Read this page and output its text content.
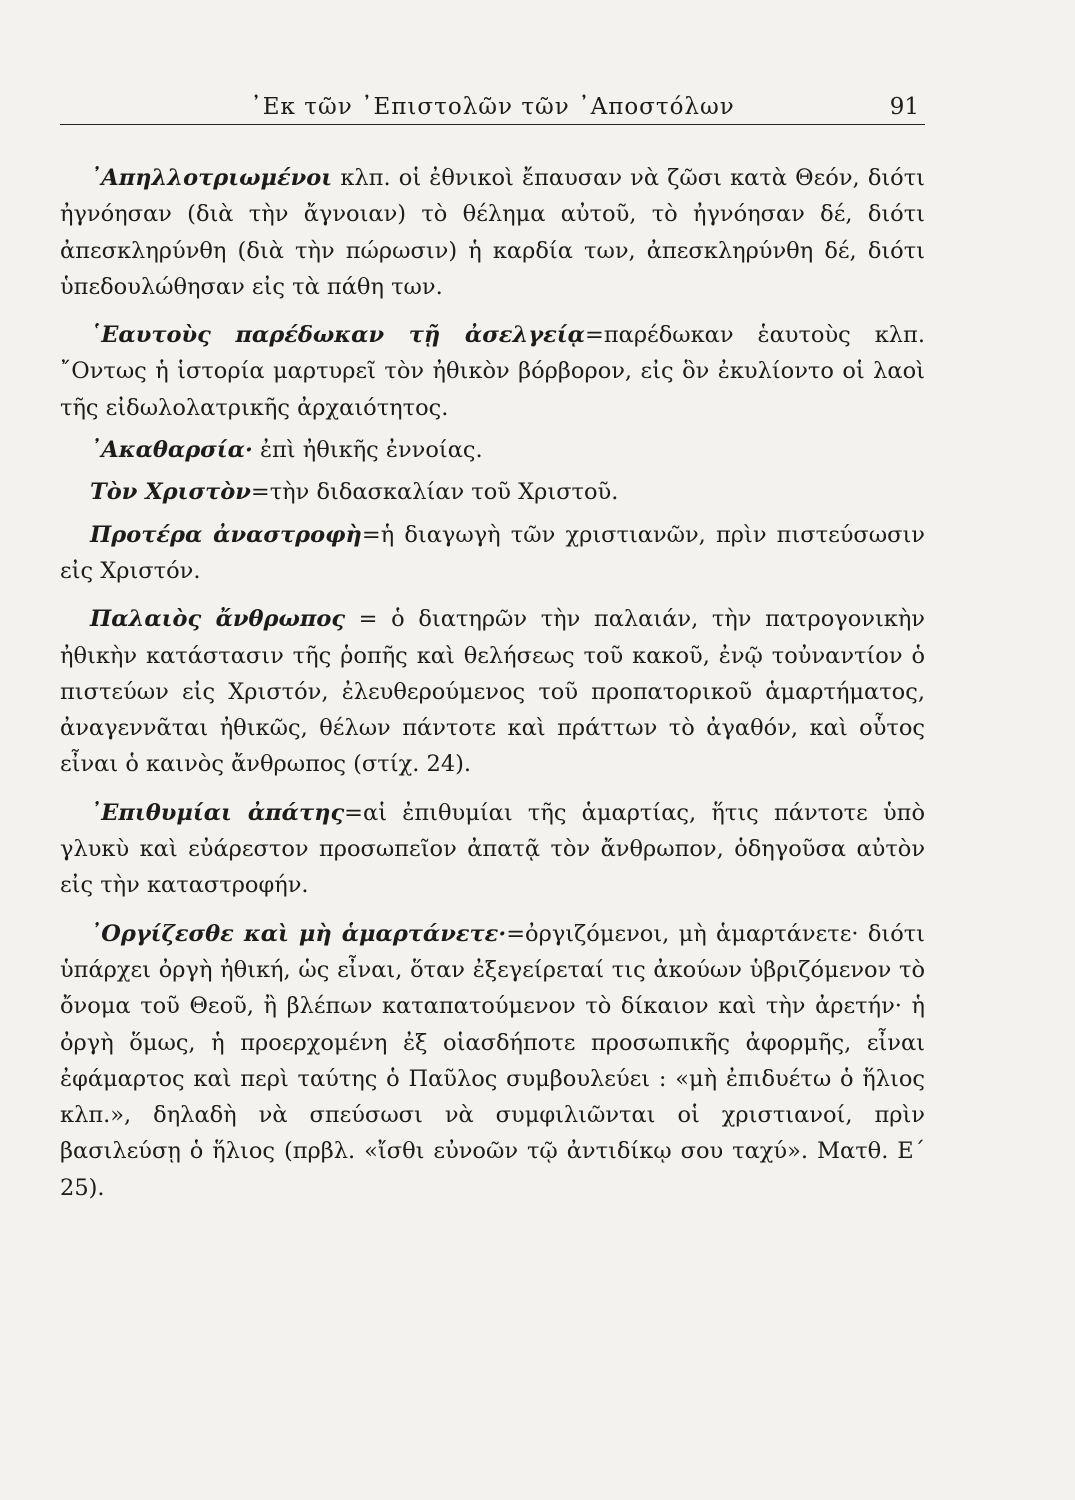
᾿Εκ τῶν ᾿Επιστολῶν τῶν ᾿Αποστόλων	91

᾿Απηλλοτριωμένοι κλπ. οἱ ἐθνικοὶ ἔπαυσαν νὰ ζῶσι κατὰ Θεόν, διότι ἠγνόησαν (διὰ τὴν ἄγνοιαν) τὸ θέλημα αὐτοῦ, τὸ ἠγνόησαν δέ, διότι ἀπεσκληρύνθη (διὰ τὴν πώρωσιν) ἡ καρδία των, ἀπεσκληρύνθη δέ, διότι ὑπεδουλώθησαν εἰς τὰ πάθη των.

῾Εαυτοὺς παρέδωκαν τῇ ἀσελγείᾳ=παρέδωκαν ἑαυτοὺς κλπ. ῎Οντως ἡ ἱστορία μαρτυρεῖ τὸν ἠθικὸν βόρβορον, εἰς ὃν ἐκυλίοντο οἱ λαοὶ τῆς εἰδωλολατρικῆς ἀρχαιότητος.

᾿Ακαθαρσία· ἐπὶ ἠθικῆς ἐννοίας.

Τὸν Χριστὸν=τὴν διδασκαλίαν τοῦ Χριστοῦ.

Προτέρα ἀναστροφὴ=ἡ διαγωγὴ τῶν χριστιανῶν, πρὶν πιστεύσωσιν εἰς Χριστόν.

Παλαιὸς ἄνθρωπος = ὁ διατηρῶν τὴν παλαιάν, τὴν πατρογονικὴν ἠθικὴν κατάστασιν τῆς ῥοπῆς καὶ θελήσεως τοῦ κακοῦ, ἐνῷ τοὐναντίον ὁ πιστεύων εἰς Χριστόν, ἐλευθερούμενος τοῦ προπατορικοῦ ἁμαρτήματος, ἀναγεννᾶται ἠθικῶς, θέλων πάντοτε καὶ πράττων τὸ ἀγαθόν, καὶ οὗτος εἶναι ὁ καινὸς ἄνθρωπος (στίχ. 24).

᾿Επιθυμίαι ἀπάτης=αἱ ἐπιθυμίαι τῆς ἁμαρτίας, ἥτις πάντοτε ὑπὸ γλυκὺ καὶ εὐάρεστον προσωπεῖον ἀπατᾷ τὸν ἄνθρωπον, ὁδηγοῦσα αὐτὸν εἰς τὴν καταστροφήν.

᾿Οργίζεσθε καὶ μὴ ἁμαρτάνετε·=ὀργιζόμενοι, μὴ ἁμαρτάνετε· διότι ὑπάρχει ὀργὴ ἠθική, ὡς εἶναι, ὅταν ἐξεγείρεταί τις ἀκούων ὑβριζόμενον τὸ ὄνομα τοῦ Θεοῦ, ἢ βλέπων καταπατούμενον τὸ δίκαιον καὶ τὴν ἀρετήν· ἡ ὀργὴ ὅμως, ἡ προερχομένη ἐξ οἱασδήποτε προσωπικῆς ἀφορμῆς, εἶναι ἐφάμαρτος καὶ περὶ ταύτης ὁ Παῦλος συμβουλεύει : «μὴ ἐπιδυέτω ὁ ἥλιος κλπ.», δηλαδὴ νὰ σπεύσωσι νὰ συμφιλιῶνται οἱ χριστιανοί, πρὶν βασιλεύσῃ ὁ ἥλιος (πρβλ. «ἴσθι εὐνοῶν τῷ ἀντιδίκῳ σου ταχύ». Ματθ. Ε΄ 25).
